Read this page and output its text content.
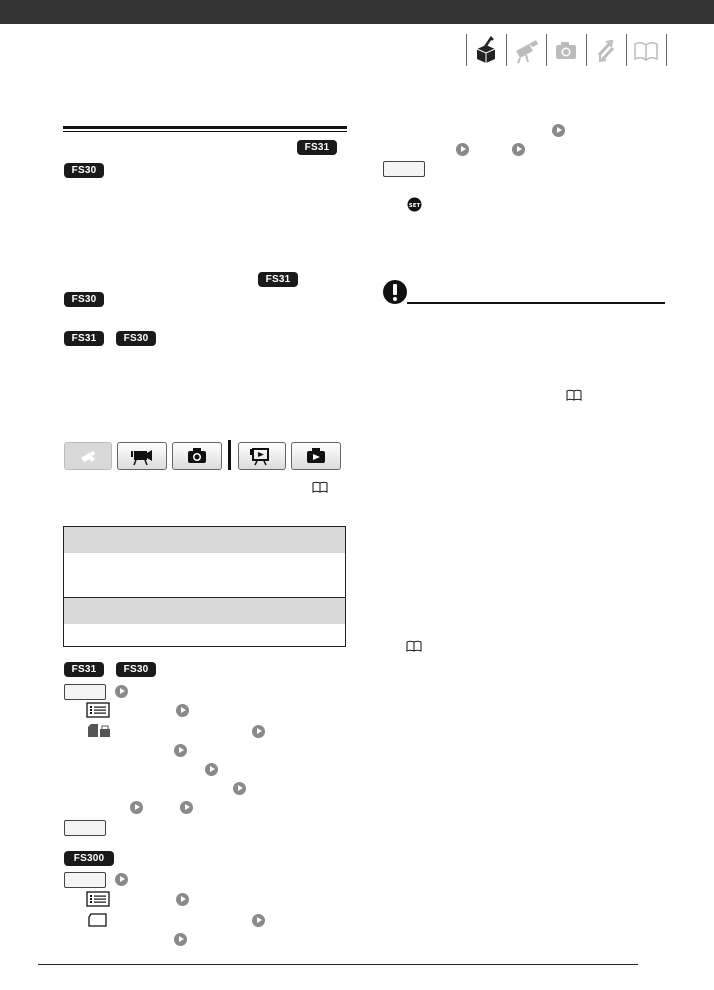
FS31
FS30
FS31
FS30
FS31	FS30
FS31	FS30
FS300
SET
